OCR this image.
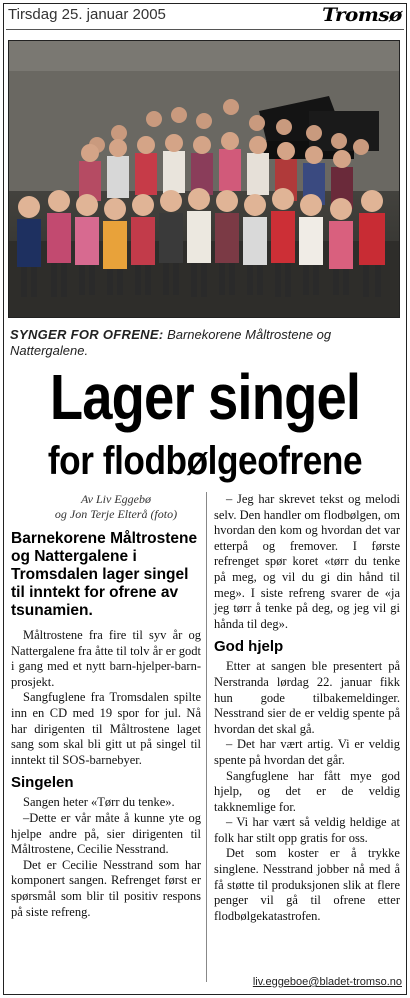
Tirsdag 25. januar 2005	Tromsø
SYNGER FOR OFRENE: Barnekorene Måltrostene og Nattergalene.
Lager singel
for flodbølgeofrene
Av Liv Eggebø
og Jon Terje Elterå (foto)
Barnekorene Måltrostene og Nattergalene i Tromsdalen lager singel til inntekt for ofrene av tsunamien.

Måltrostene fra fire til syv år og Nattergalene fra åtte til tolv år er godt i gang med et nytt barn-hjelper-barn-prosjekt.

Sangfuglene fra Tromsdalen spilte inn en CD med 19 spor for jul. Nå har dirigenten til Måltrostene laget sang som skal bli gitt ut på singel til inntekt til SOS-barnebyer.

Singelen

Sangen heter «Tørr du tenke».

–Dette er vår måte å kunne yte og hjelpe andre på, sier dirigenten til Måltrostene, Cecilie Nesstrand.

Det er Cecilie Nesstrand som har komponert sangen. Refrenget først er spørsmål som blir til positiv respons på siste refreng.

– Jeg har skrevet tekst og melodi selv. Den handler om flodbølgen, om hvordan den kom og hvordan det var etterpå og fremover. I første refrenget spør koret «tørr du tenke på meg, og vil du gi din hånd til meg». I siste refreng svarer de «ja jeg tørr å tenke på deg, og jeg vil gi hånda til deg».

God hjelp

Etter at sangen ble presentert på Nerstranda lørdag 22. januar fikk hun gode tilbakemeldinger. Nesstrand sier de er veldig spente på hvordan det skal gå.

– Det har vært artig. Vi er veldig spente på hvordan det går.

Sangfuglene har fått mye god hjelp, og det er de veldig takknemlige for.

– Vi har vært så veldig heldige at folk har stilt opp gratis for oss.

Det som koster er å trykke singlene. Nesstrand jobber nå med å få støtte til produksjonen slik at flere penger vil gå til ofrene etter flodbølgekatastrofen.

liv.eggeboe@bladet-tromso.no
